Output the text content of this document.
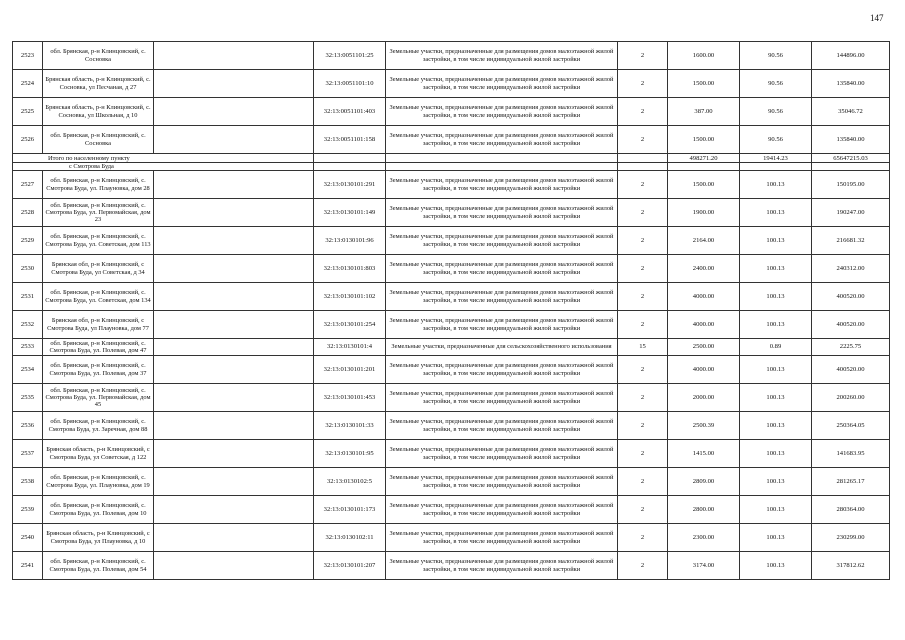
147
2523	обл. Брянская, р-н Клинцовский, с. Сосновка		32:13:0051101:25	Земельные участки, предназначенные для размещения домов малоэтажной жилой застройки, в том числе индивидуальной жилой застройки	2	1600.00	90.56	144896.00
2524	Брянская область, р-н Клинцовский, с. Сосновка, ул Песчаная, д 27		32:13:0051101:10	Земельные участки, предназначенные для размещения домов малоэтажной жилой застройки, в том числе индивидуальной жилой застройки	2	1500.00	90.56	135840.00
2525	Брянская область, р-н Клинцовский, с. Сосновка, ул Школьная, д 10		32:13:0051101:403	Земельные участки, предназначенные для размещения домов малоэтажной жилой застройки, в том числе индивидуальной жилой застройки	2	387.00	90.56	35046.72
2526	обл. Брянская, р-н Клинцовский, с. Сосновка		32:13:0051101:158	Земельные участки, предназначенные для размещения домов малоэтажной жилой застройки, в том числе индивидуальной жилой застройки	2	1500.00	90.56	135840.00
Итого по населенному пункту						498271.20	19414.23	65647215.03
с Смотрова Буда								
2527	обл. Брянская, р-н Клинцовский, с. Смотрова Буда, ул. Плауновка, дом 28		32:13:0130101:291	Земельные участки, предназначенные для размещения домов малоэтажной жилой застройки, в том числе индивидуальной жилой застройки	2	1500.00	100.13	150195.00
2528	обл. Брянская, р-н Клинцовский, с. Смотрова Буда, ул. Первомайская, дом 23		32:13:0130101:149	Земельные участки, предназначенные для размещения домов малоэтажной жилой застройки, в том числе индивидуальной жилой застройки	2	1900.00	100.13	190247.00
2529	обл. Брянская, р-н Клинцовский, с. Смотрова Буда, ул. Советская, дом 113		32:13:0130101:96	Земельные участки, предназначенные для размещения домов малоэтажной жилой застройки, в том числе индивидуальной жилой застройки	2	2164.00	100.13	216681.32
2530	Брянская обл, р-н Клинцовский, с Смотрова Буда, ул Советская, д 34		32:13:0130101:803	Земельные участки, предназначенные для размещения домов малоэтажной жилой застройки, в том числе индивидуальной жилой застройки	2	2400.00	100.13	240312.00
2531	обл. Брянская, р-н Клинцовский, с. Смотрова Буда, ул. Советская, дом 134		32:13:0130101:102	Земельные участки, предназначенные для размещения домов малоэтажной жилой застройки, в том числе индивидуальной жилой застройки	2	4000.00	100.13	400520.00
2532	Брянская обл, р-н Клинцовский, с Смотрова Буда, ул Плауновка, дом 77		32:13:0130101:254	Земельные участки, предназначенные для размещения домов малоэтажной жилой застройки, в том числе индивидуальной жилой застройки	2	4000.00	100.13	400520.00
2533	обл. Брянская, р-н Клинцовский, с. Смотрова Буда, ул. Полевая, дом 47		32:13:0130101:4	Земельные участки, предназначенные для сельскохозяйственного использования	15	2500.00	0.89	2225.75
2534	обл. Брянская, р-н Клинцовский, с. Смотрова Буда, ул. Полевая, дом 37		32:13:0130101:201	Земельные участки, предназначенные для размещения домов малоэтажной жилой застройки, в том числе индивидуальной жилой застройки	2	4000.00	100.13	400520.00
2535	обл. Брянская, р-н Клинцовский, с. Смотрова Буда, ул. Первомайская, дом 45		32:13:0130101:453	Земельные участки, предназначенные для размещения домов малоэтажной жилой застройки, в том числе индивидуальной жилой застройки	2	2000.00	100.13	200260.00
2536	обл. Брянская, р-н Клинцовский, с. Смотрова Буда, ул. Заречная, дом 88		32:13:0130101:33	Земельные участки, предназначенные для размещения домов малоэтажной жилой застройки, в том числе индивидуальной жилой застройки	2	2500.39	100.13	250364.05
2537	Брянская область, р-н Клинцовский, с Смотрова Буда, ул Советская, д 122		32:13:0130101:95	Земельные участки, предназначенные для размещения домов малоэтажной жилой застройки, в том числе индивидуальной жилой застройки	2	1415.00	100.13	141683.95
2538	обл. Брянская, р-н Клинцовский, с. Смотрова Буда, ул. Плауновка, дом 19		32:13:0130102:5	Земельные участки, предназначенные для размещения домов малоэтажной жилой застройки, в том числе индивидуальной жилой застройки	2	2809.00	100.13	281265.17
2539	обл. Брянская, р-н Клинцовский, с. Смотрова Буда, ул. Полевая, дом 10		32:13:0130101:173	Земельные участки, предназначенные для размещения домов малоэтажной жилой застройки, в том числе индивидуальной жилой застройки	2	2800.00	100.13	280364.00
2540	Брянская область, р-н Клинцовский, с Смотрова Буда, ул Плауновка, д 10		32:13:0130102:11	Земельные участки, предназначенные для размещения домов малоэтажной жилой застройки, в том числе индивидуальной жилой застройки	2	2300.00	100.13	230299.00
2541	обл. Брянская, р-н Клинцовский, с. Смотрова Буда, ул. Полевая, дом 54		32:13:0130101:207	Земельные участки, предназначенные для размещения домов малоэтажной жилой застройки, в том числе индивидуальной жилой застройки	2	3174.00	100.13	317812.62
